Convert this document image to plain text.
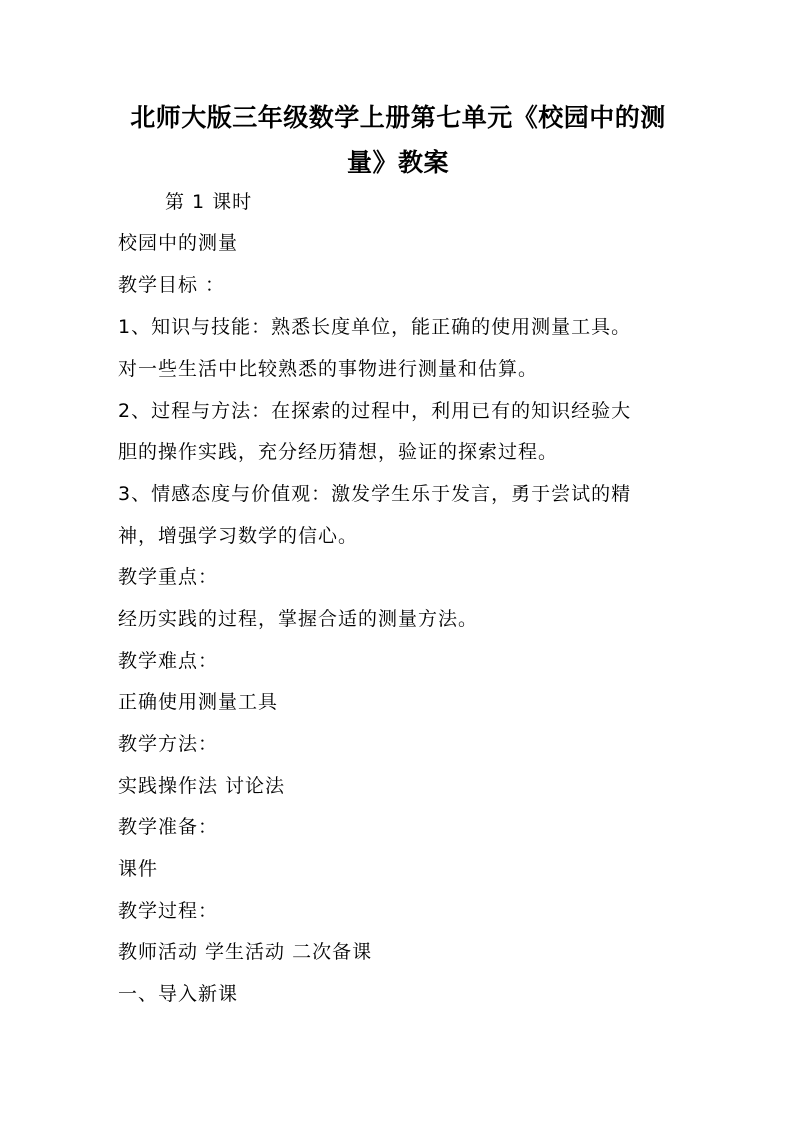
北师大版三年级数学上册第七单元《校园中的测量》教案
第 1 课时
校园中的测量
教学目标 ：
1、知识与技能：熟悉长度单位，能正确的使用测量工具。
对一些生活中比较熟悉的事物进行测量和估算。
2、过程与方法：在探索的过程中，利用已有的知识经验大
胆的操作实践，充分经历猜想，验证的探索过程。
3、情感态度与价值观：激发学生乐于发言，勇于尝试的精
神，增强学习数学的信心。
教学重点：
经历实践的过程，掌握合适的测量方法。
教学难点：
正确使用测量工具
教学方法：
实践操作法 讨论法
教学准备：
课件
教学过程：
教师活动 学生活动 二次备课
一、导入新课
